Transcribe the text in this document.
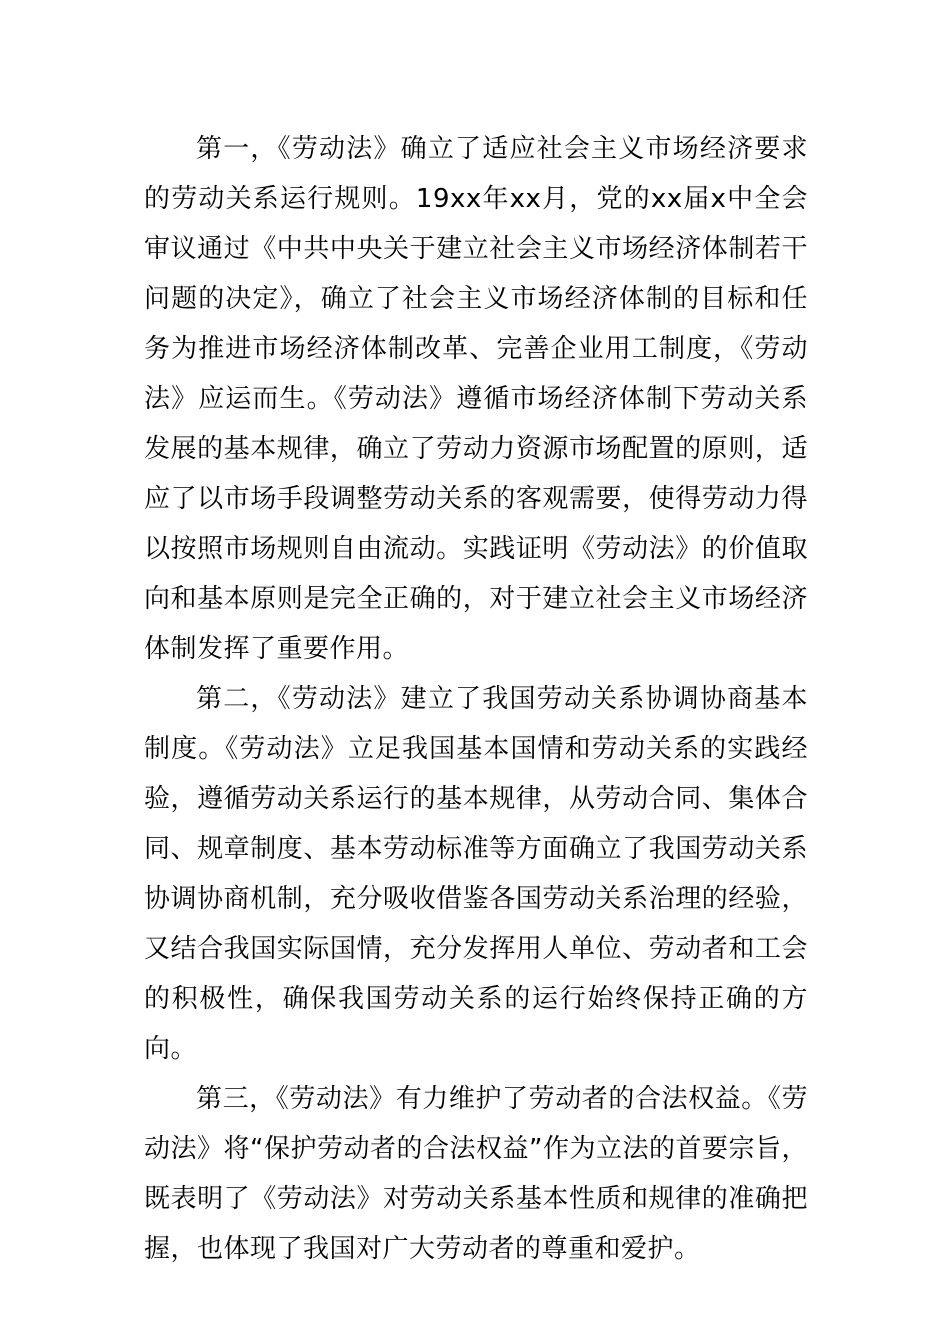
第一，《劳动法》确立了适应社会主义市场经济要求的劳动关系运行规则。19xx年xx月，党的xx届x中全会审议通过《中共中央关于建立社会主义市场经济体制若干问题的决定》，确立了社会主义市场经济体制的目标和任务为推进市场经济体制改革、完善企业用工制度，《劳动法》应运而生。《劳动法》遵循市场经济体制下劳动关系发展的基本规律，确立了劳动力资源市场配置的原则，适应了以市场手段调整劳动关系的客观需要，使得劳动力得以按照市场规则自由流动。实践证明《劳动法》的价值取向和基本原则是完全正确的，对于建立社会主义市场经济体制发挥了重要作用。

第二，《劳动法》建立了我国劳动关系协调协商基本制度。《劳动法》立足我国基本国情和劳动关系的实践经验，遵循劳动关系运行的基本规律，从劳动合同、集体合同、规章制度、基本劳动标准等方面确立了我国劳动关系协调协商机制，充分吸收借鉴各国劳动关系治理的经验，又结合我国实际国情，充分发挥用人单位、劳动者和工会的积极性，确保我国劳动关系的运行始终保持正确的方向。

第三，《劳动法》有力维护了劳动者的合法权益。《劳动法》将“保护劳动者的合法权益”作为立法的首要宗旨，既表明了《劳动法》对劳动关系基本性质和规律的准确把握，也体现了我国对广大劳动者的尊重和爱护。
